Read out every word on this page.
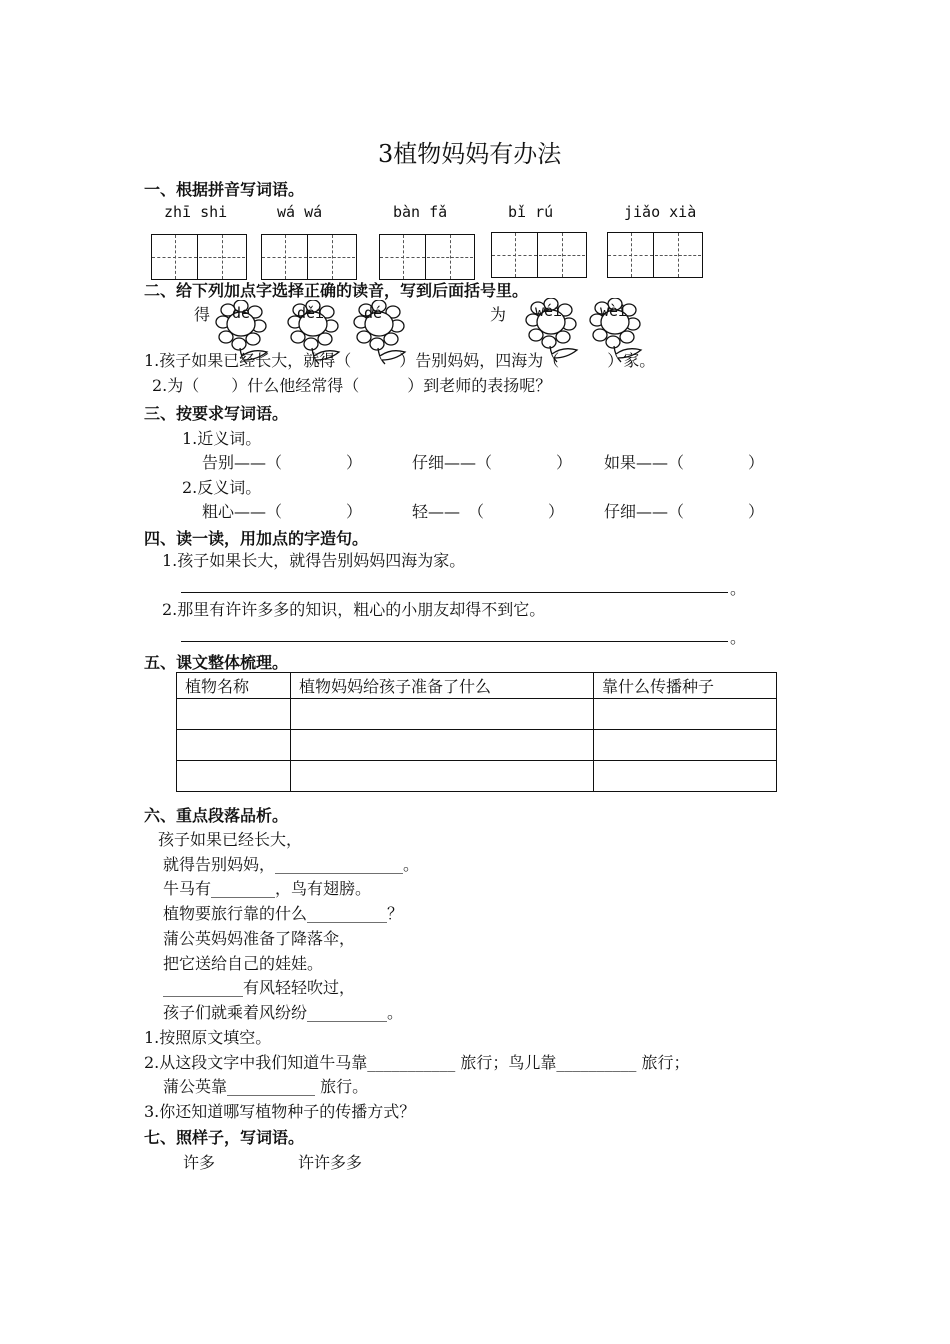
3植物妈妈有办法
一、根据拼音写词语。
zhī shi	wá wá	bàn fǎ	bǐ rú	jiǎo xià
二、给下列加点字选择正确的读音，写到后面括号里。
得	为
de	děi	dé	wéi	wèi
1.孩子如果已经长大，就得（　　　）告别妈妈，四海为（　　　）家。
2.为（　　）什么他经常得（　　　）到老师的表扬呢？
三、按要求写词语。
1.近义词。
告别——（　　　　）	仔细——（　　　　） 如果——（　　　　）
2.反义词。
粗心——（　　　　）	轻——　（　　　　） 仔细——（　　　　）
四、读一读，用加点的字造句。
1.孩子如果长大，就得告别妈妈四海为家。
。
2.那里有许许多多的知识，粗心的小朋友却得不到它。
。
五、课文整体梳理。
植物名称	植物妈妈给孩子准备了什么	靠什么传播种子

六、重点段落品析。
孩子如果已经长大，
就得告别妈妈，________________。
牛马有________，鸟有翅膀。
植物要旅行靠的什么__________？
蒲公英妈妈准备了降落伞，
把它送给自己的娃娃。
__________有风轻轻吹过，
孩子们就乘着风纷纷__________。
1.按照原文填空。
2.从这段文字中我们知道牛马靠___________ 旅行；鸟儿靠__________ 旅行；
蒲公英靠___________ 旅行。
3.你还知道哪写植物种子的传播方式？
七、照样子，写词语。
许多	许许多多
